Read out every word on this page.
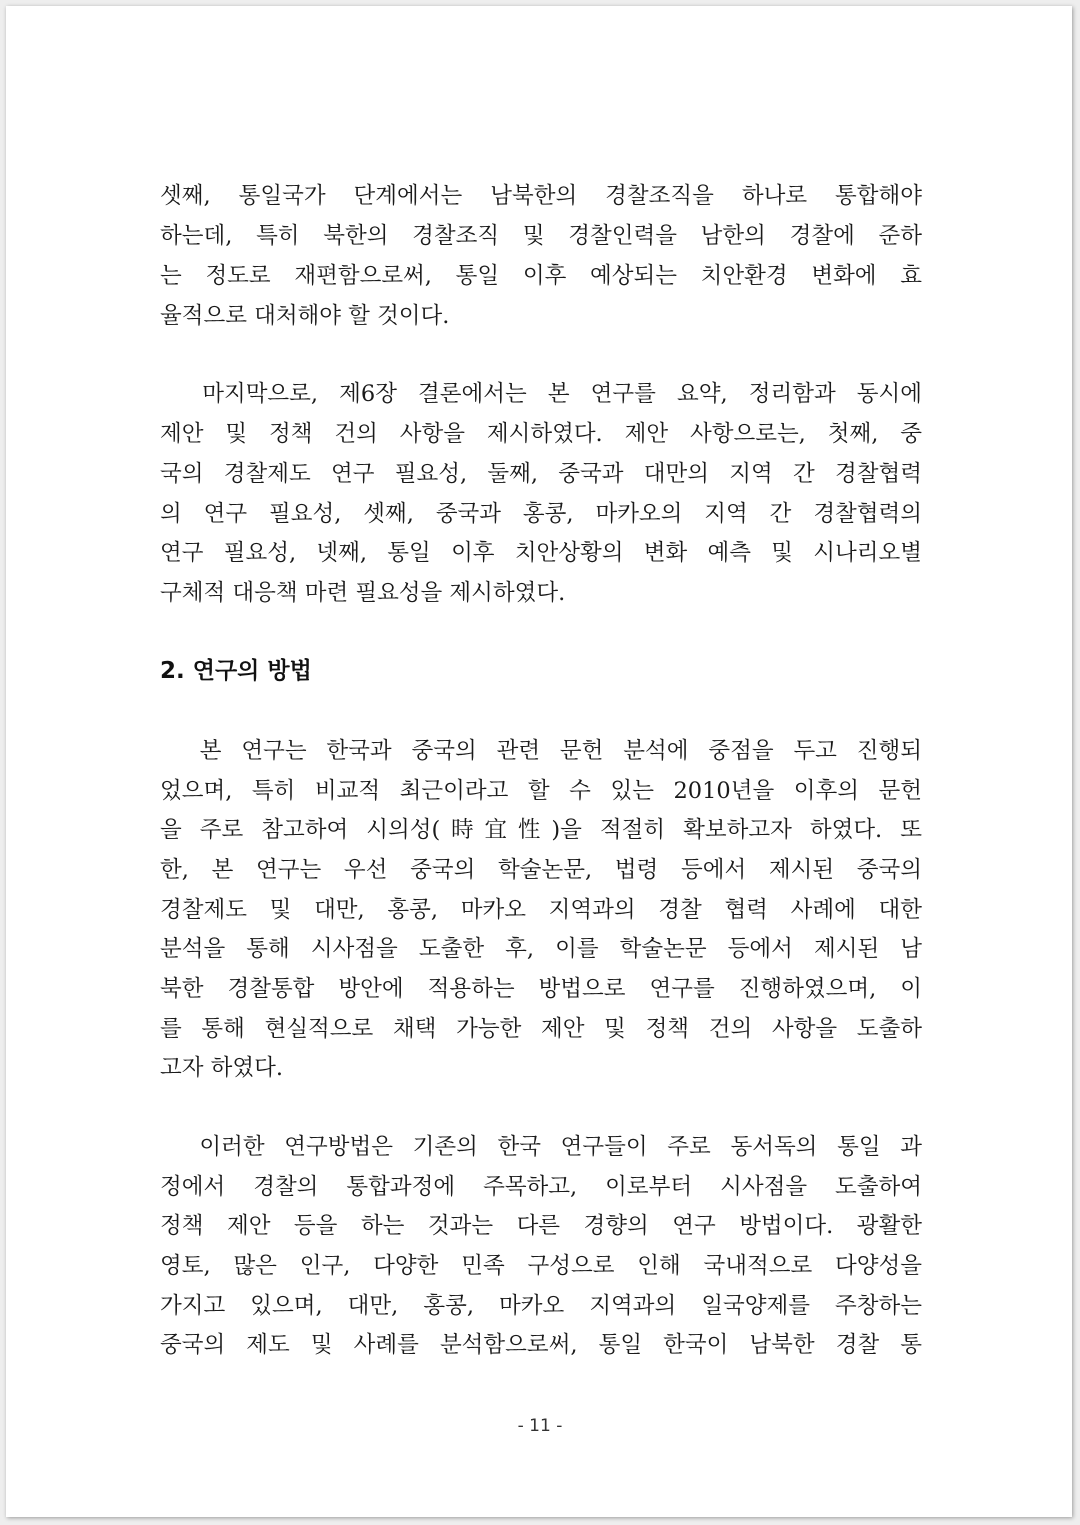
셋째, 통일국가 단계에서는 남북한의 경찰조직을 하나로 통합해야
하는데, 특히 북한의 경찰조직 및 경찰인력을 남한의 경찰에 준하
는 정도로 재편함으로써, 통일 이후 예상되는 치안환경 변화에 효
율적으로 대처해야 할 것이다.
마지막으로, 제6장 결론에서는 본 연구를 요약, 정리함과 동시에
제안 및 정책 건의 사항을 제시하였다. 제안 사항으로는, 첫째, 중
국의 경찰제도 연구 필요성, 둘째, 중국과 대만의 지역 간 경찰협력
의 연구 필요성, 셋째, 중국과 홍콩, 마카오의 지역 간 경찰협력의
연구 필요성, 넷째, 통일 이후 치안상황의 변화 예측 및 시나리오별
구체적 대응책 마련 필요성을 제시하였다.
2. 연구의 방법
본 연구는 한국과 중국의 관련 문헌 분석에 중점을 두고 진행되
었으며, 특히 비교적 최근이라고 할 수 있는 2010년을 이후의 문헌
을 주로 참고하여 시의성(時宜性)을 적절히 확보하고자 하였다. 또
한, 본 연구는 우선 중국의 학술논문, 법령 등에서 제시된 중국의
경찰제도 및 대만, 홍콩, 마카오 지역과의 경찰 협력 사례에 대한
분석을 통해 시사점을 도출한 후, 이를 학술논문 등에서 제시된 남
북한 경찰통합 방안에 적용하는 방법으로 연구를 진행하였으며, 이
를 통해 현실적으로 채택 가능한 제안 및 정책 건의 사항을 도출하
고자 하였다.
이러한 연구방법은 기존의 한국 연구들이 주로 동서독의 통일 과
정에서 경찰의 통합과정에 주목하고, 이로부터 시사점을 도출하여
정책 제안 등을 하는 것과는 다른 경향의 연구 방법이다. 광활한
영토, 많은 인구, 다양한 민족 구성으로 인해 국내적으로 다양성을
가지고 있으며, 대만, 홍콩, 마카오 지역과의 일국양제를 주창하는
중국의 제도 및 사례를 분석함으로써, 통일 한국이 남북한 경찰 통
- 11 -
